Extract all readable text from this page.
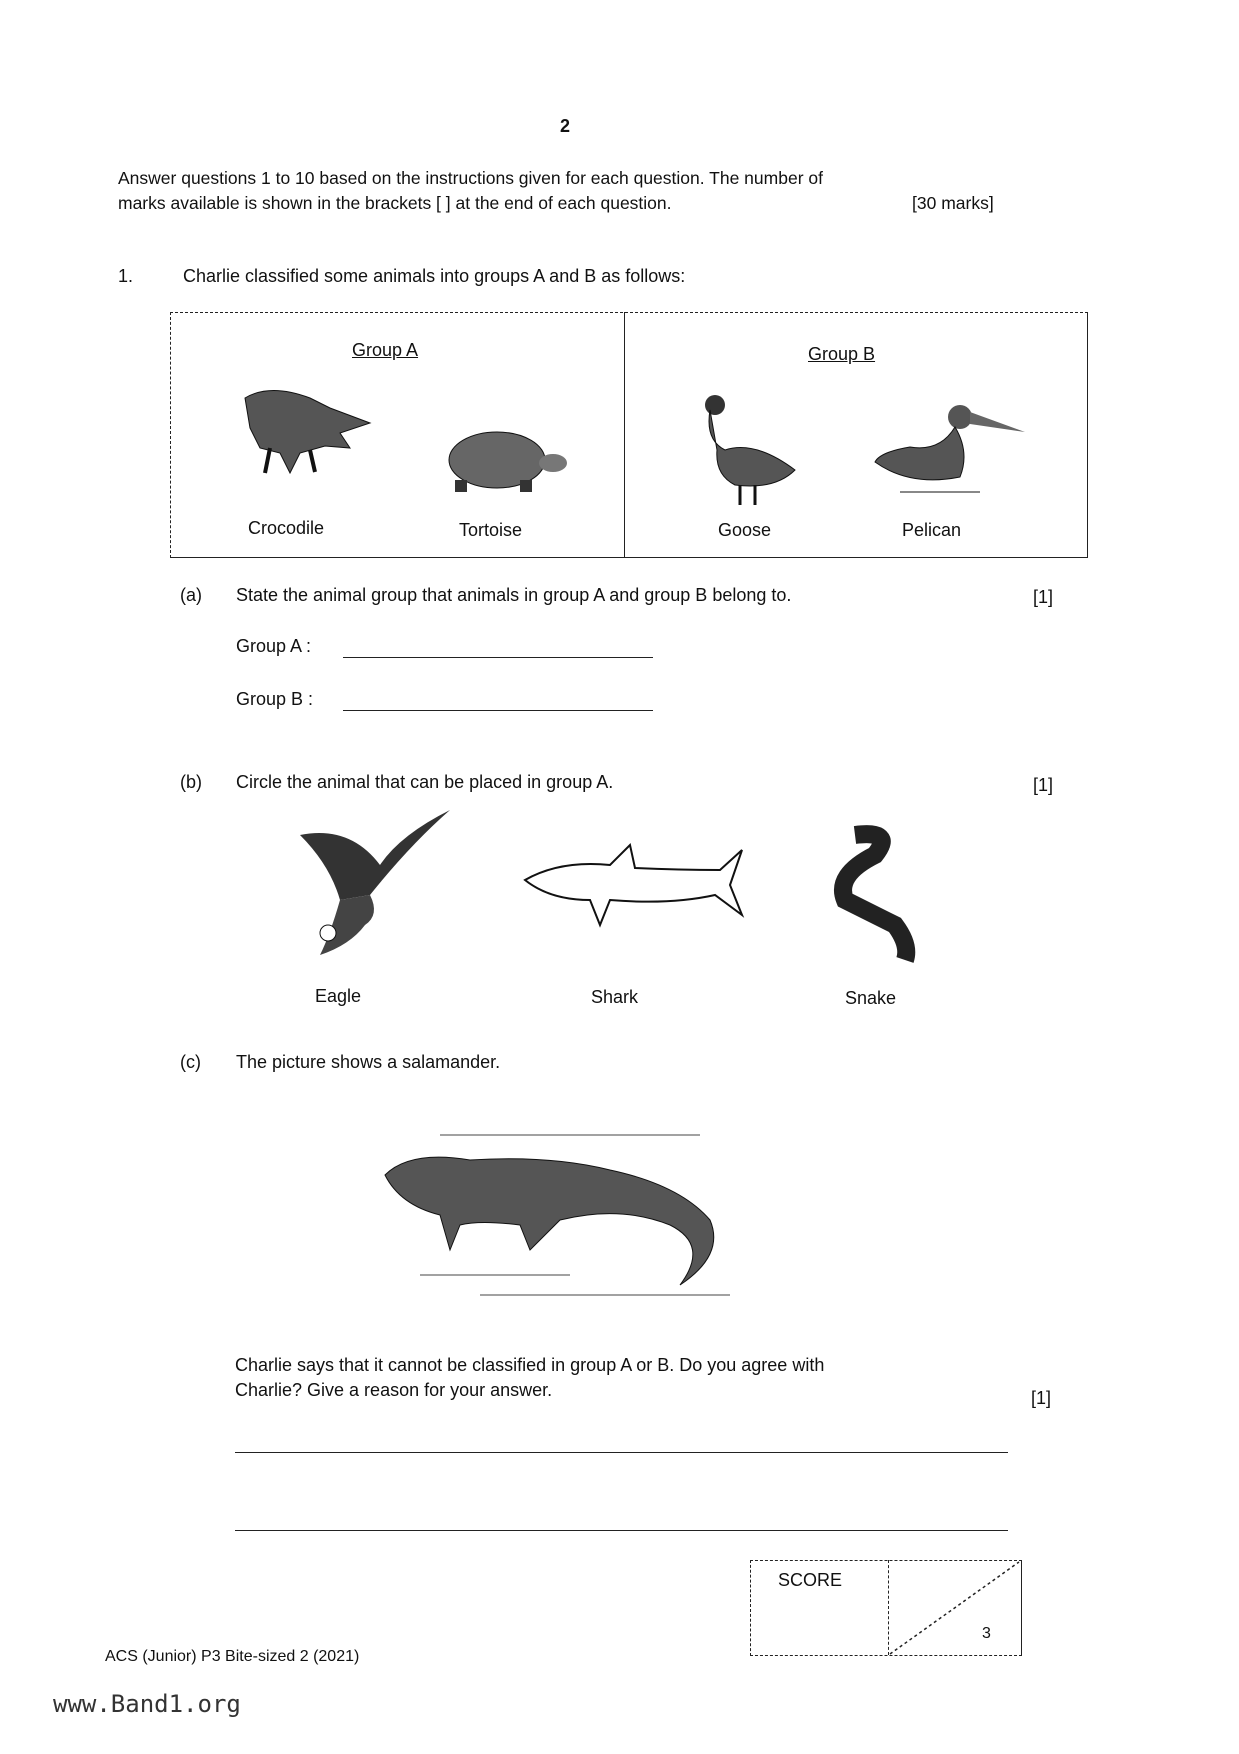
2
Answer questions 1 to 10 based on the instructions given for each question. The number of
marks available is shown in the brackets [ ] at the end of each question.	[30 marks]
1.	Charlie classified some animals into groups A and B as follows:
Group A	Group B
Crocodile	Tortoise	Goose	Pelican
(a) State the animal group that animals in group A and group B belong to.	[1]
Group A :
Group B :
(b) Circle the animal that can be placed in group A.	[1]
Eagle	Shark	Snake
(c) The picture shows a salamander.
Charlie says that it cannot be classified in group A or B. Do you agree with
Charlie? Give a reason for your answer.	[1]
SCORE
3
ACS (Junior) P3 Bite-sized 2 (2021)
www.Band1.org
